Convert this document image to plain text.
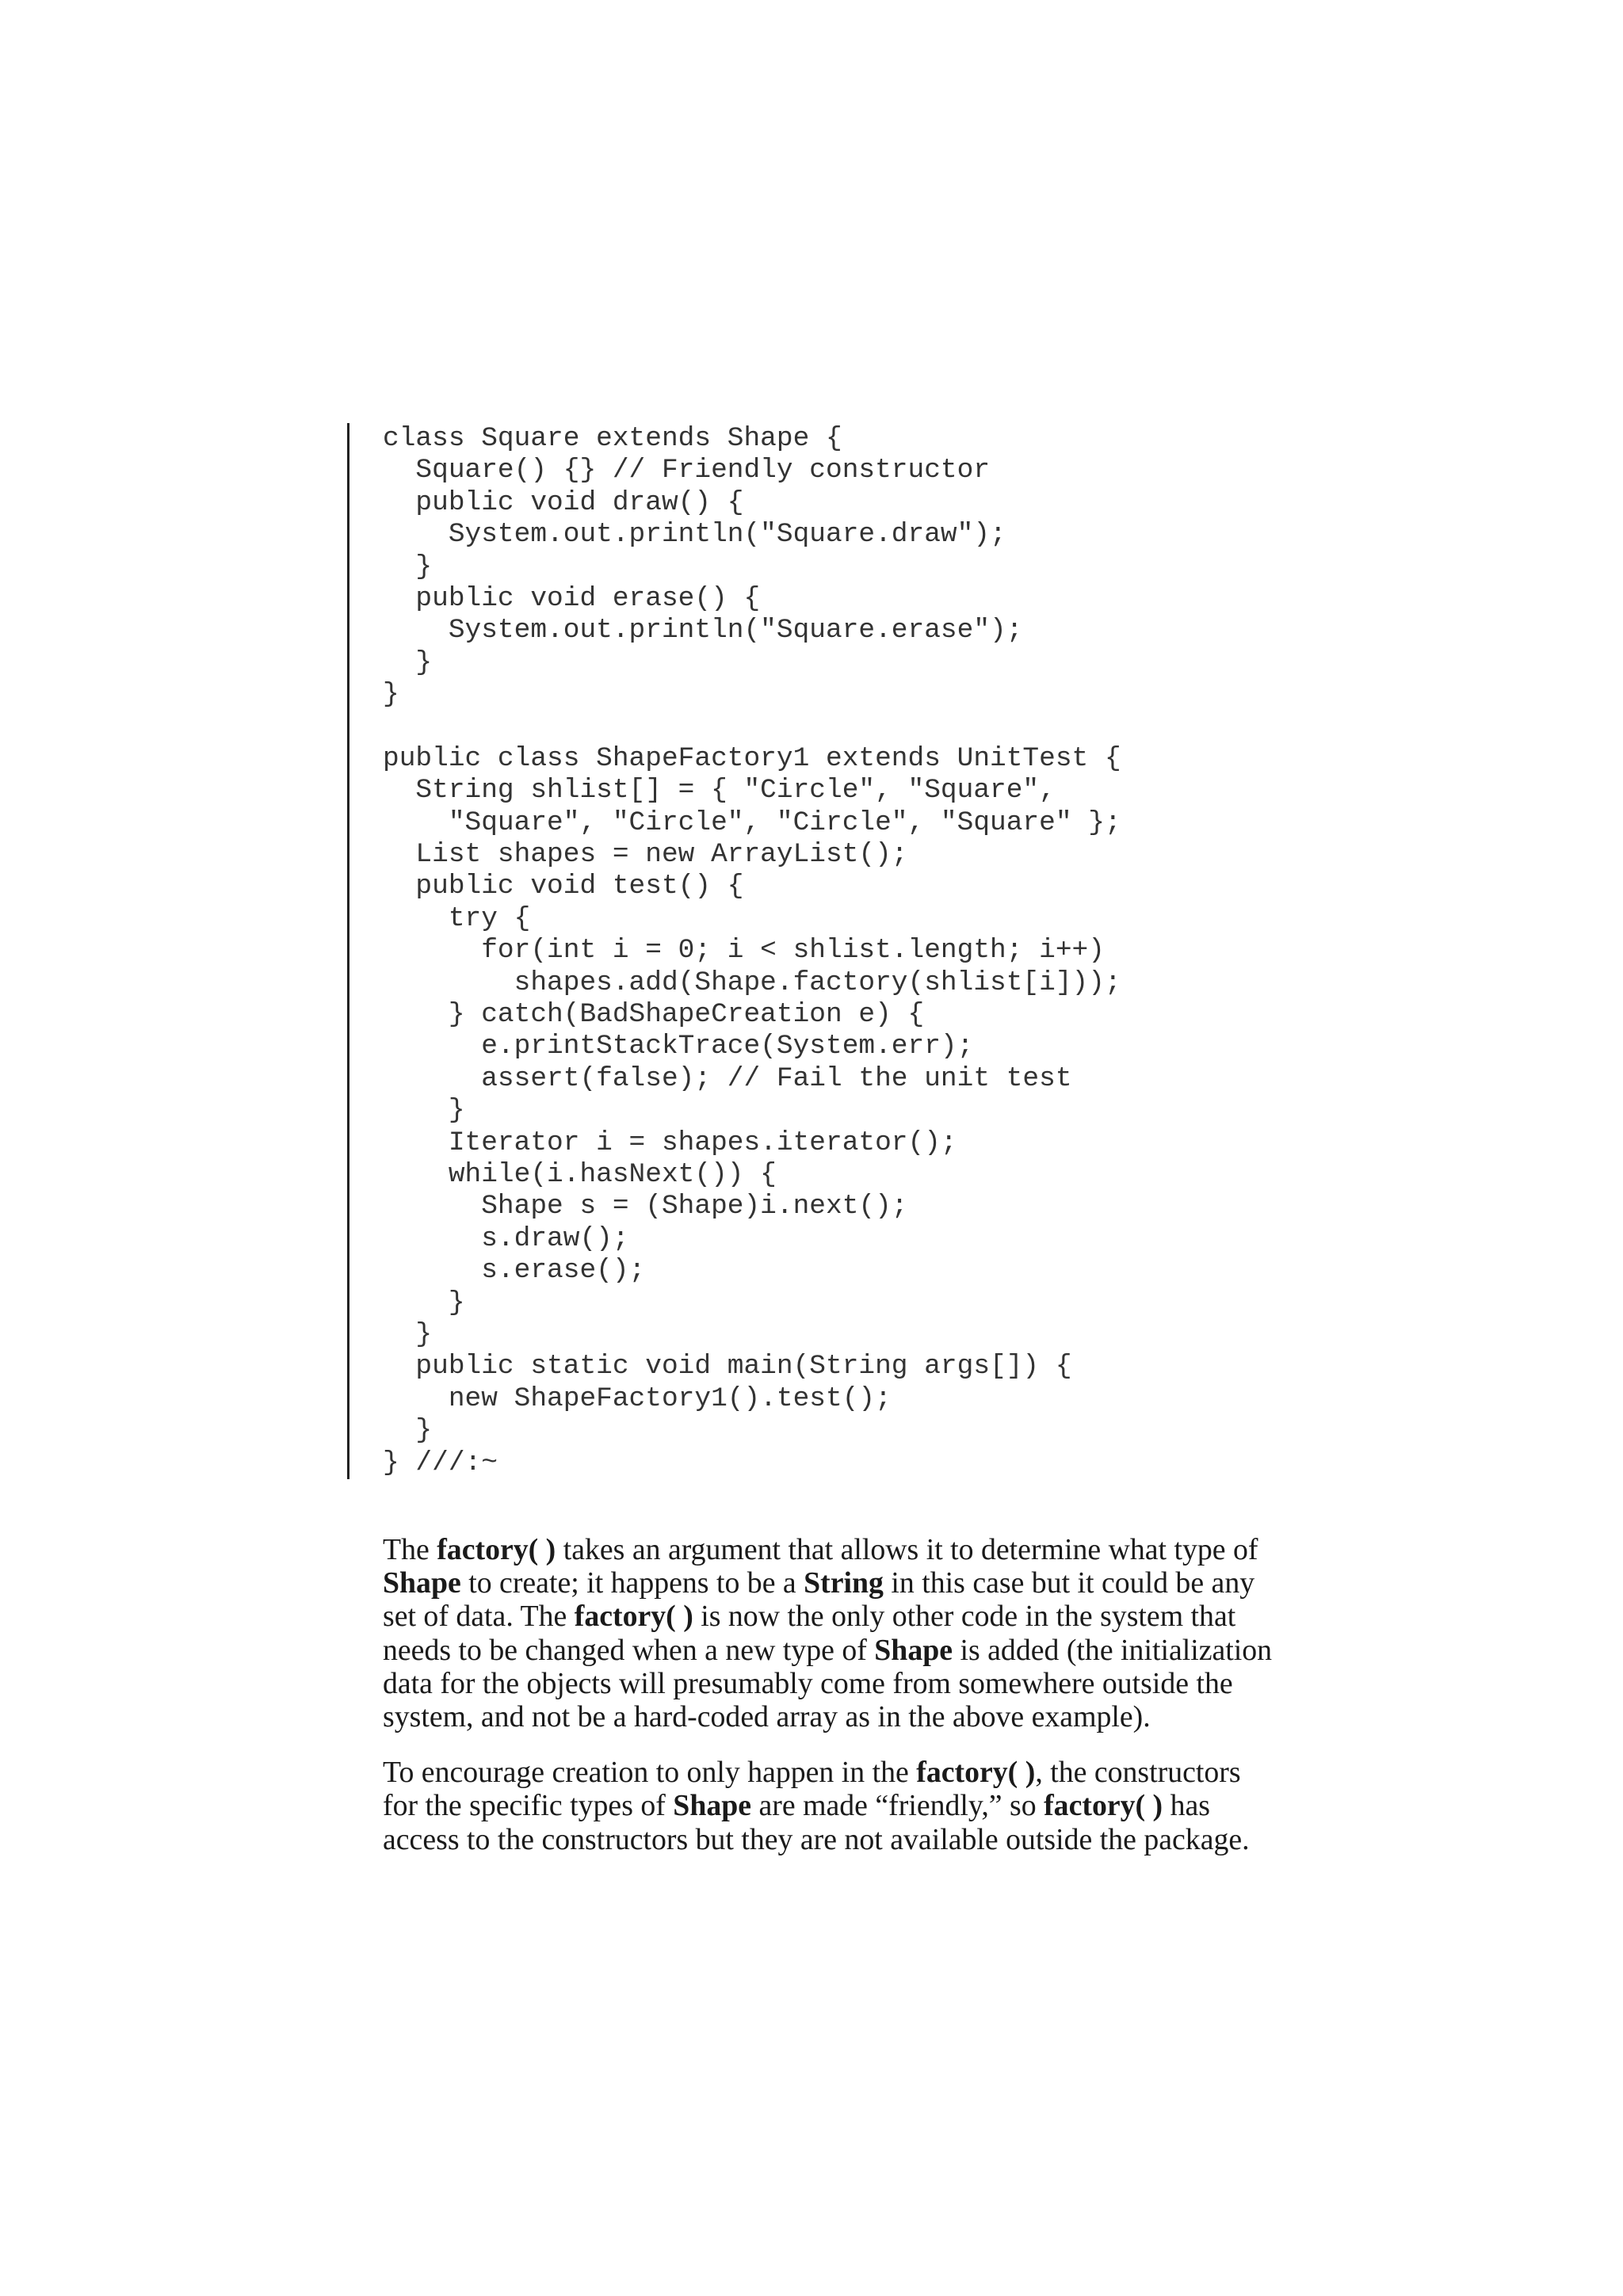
class Square extends Shape {
Square() {} // Friendly constructor
public void draw() {
System.out.println("Square.draw");
}
public void erase() {
System.out.println("Square.erase");
}
}
public class ShapeFactory1 extends UnitTest {
String shlist[] = { "Circle", "Square",
"Square", "Circle", "Circle", "Square" };
List shapes = new ArrayList();
public void test() {
try {
for(int i = 0; i < shlist.length; i++)
shapes.add(Shape.factory(shlist[i]));
} catch(BadShapeCreation e) {
e.printStackTrace(System.err);
assert(false); // Fail the unit test
}
Iterator i = shapes.iterator();
while(i.hasNext()) {
Shape s = (Shape)i.next();
s.draw();
s.erase();
}
}
public static void main(String args[]) {
new ShapeFactory1().test();
}
} ///:~

The factory( ) takes an argument that allows it to determine what type of
Shape to create; it happens to be a String in this case but it could be any
set of data. The factory( ) is now the only other code in the system that
needs to be changed when a new type of Shape is added (the initialization
data for the objects will presumably come from somewhere outside the
system, and not be a hard-coded array as in the above example).

To encourage creation to only happen in the factory( ), the constructors
for the specific types of Shape are made “friendly,” so factory( ) has
access to the constructors but they are not available outside the package.
